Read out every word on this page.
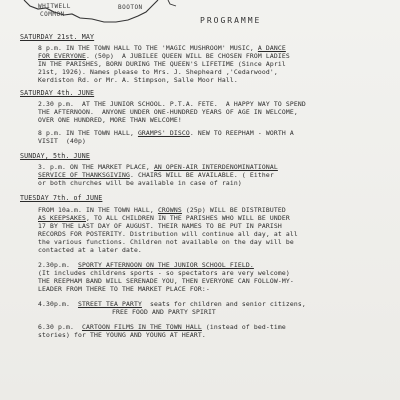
WHITWELL
COMMON
BOOTON
PROGRAMME
SATURDAY 21st. MAY
8 p.m. IN THE TOWN HALL TO THE 'MAGIC MUSHROOM' MUSIC, A DANCE
FOR EVERYONE. (50p)  A JUBILEE QUEEN WILL BE CHOSEN FROM LADIES
IN THE PARISHES, BORN DURING THE QUEEN'S LIFETIME (Since April
21st, 1926). Names please to Mrs. J. Shepheard ,'Cedarwood',
Kerdiston Rd. or Mr. A. Stimpson, Salle Moor Hall.
SATURDAY 4th. JUNE
2.30 p.m.  AT THE JUNIOR SCHOOL. P.T.A. FETE.  A HAPPY WAY TO SPEND
THE AFTERNOON.  ANYONE UNDER ONE-HUNDRED YEARS OF AGE IN WELCOME,
OVER ONE HUNDRED, MORE THAN WELCOME!
8 p.m. IN THE TOWN HALL, GRAMPS' DISCO. NEW TO REEPHAM - WORTH A
VISIT  (40p)
SUNDAY, 5th. JUNE
3. p.m. ON THE MARKET PLACE, AN OPEN-AIR INTERDENOMINATIONAL
SERVICE OF THANKSGIVING. CHAIRS WILL BE AVAILABLE. ( Either
or both churches will be available in case of rain)
TUESDAY 7th. of JUNE
FROM 10a.m. IN THE TOWN HALL, CROWNS (25p) WILL BE DISTRIBUTED
AS KEEPSAKES, TO ALL CHILDREN IN THE PARISHES WHO WILL BE UNDER
17 BY THE LAST DAY OF AUGUST. THEIR NAMES TO BE PUT IN PARISH
RECORDS FOR POSTERITY. Distribution will continue all day, at all
the various functions. Children not available on the day will be
contacted at a later date.
2.30p.m.  SPORTY AFTERNOON ON THE JUNIOR SCHOOL FIELD.
(It includes childrens sports - so spectators are very welcome)
THE REEPHAM BAND WILL SERENADE YOU, THEN EVERYONE CAN FOLLOW-MY-
LEADER FROM THERE TO THE MARKET PLACE FOR:-
4.30p.m.  STREET TEA PARTY  seats for children and senior citizens,
FREE FOOD AND PARTY SPIRIT
6.30 p.m.  CARTOON FILMS IN THE TOWN HALL (instead of bed-time
stories) for THE YOUNG AND YOUNG AT HEART.
